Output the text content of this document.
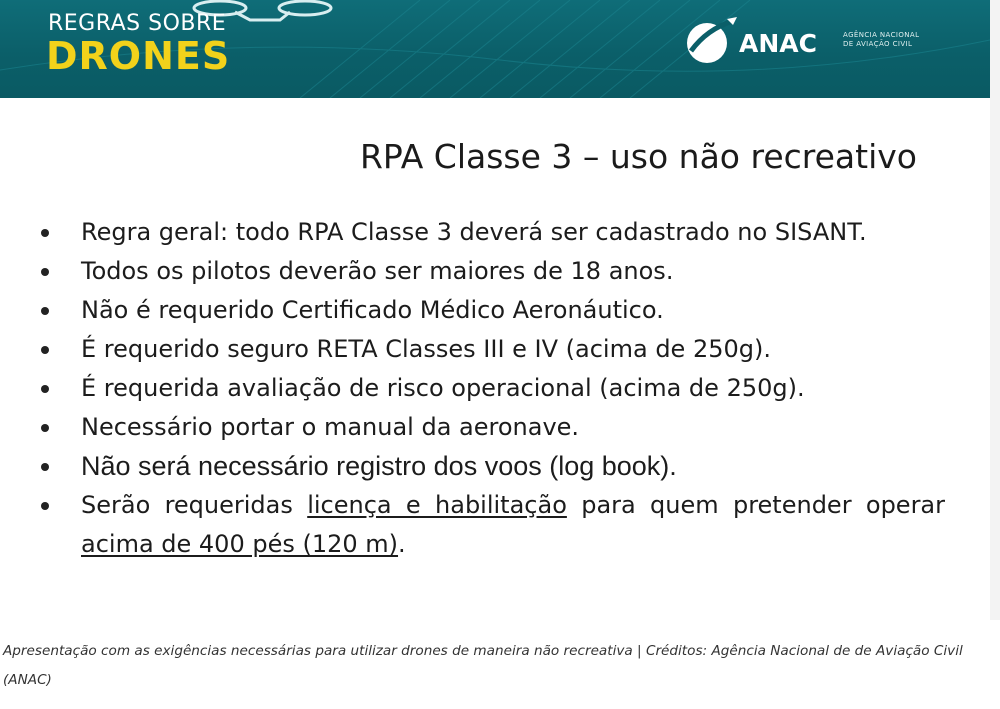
REGRAS SOBRE
DRONES	ANAC	AGÊNCIA NACIONAL
DE AVIAÇÃO CIVIL
RPA Classe 3 – uso não recreativo
Regra geral: todo RPA Classe 3 deverá ser cadastrado no SISANT.
Todos os pilotos deverão ser maiores de 18 anos.
Não é requerido Certificado Médico Aeronáutico.
É requerido seguro RETA Classes III e IV (acima de 250g).
É requerida avaliação de risco operacional (acima de 250g).
Necessário portar o manual da aeronave.
Não será necessário registro dos voos (log book).
Serão requeridas licença e habilitação para quem pretender operar acima de 400 pés (120 m).
Apresentação com as exigências necessárias para utilizar drones de maneira não recreativa | Créditos: Agência Nacional de de Aviação Civil (ANAC)
